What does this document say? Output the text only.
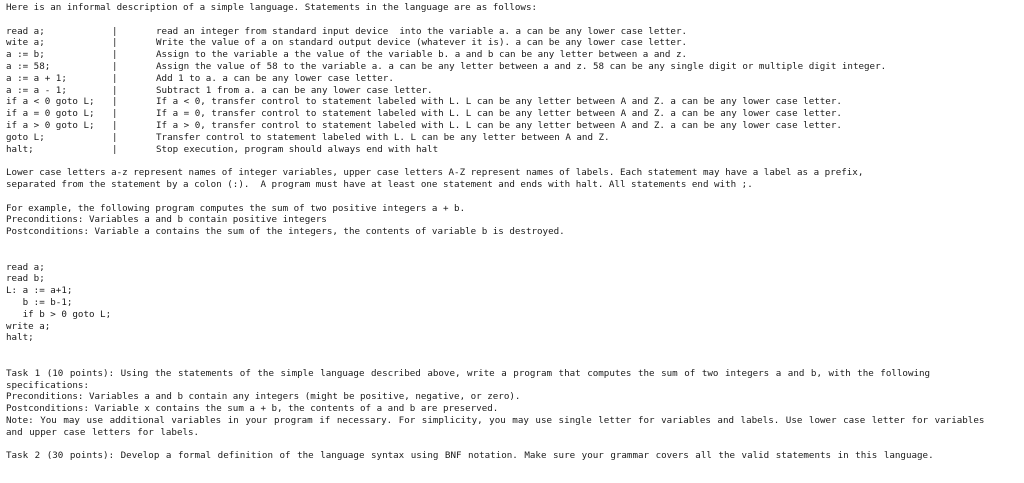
Here is an informal description of a simple language. Statements in the language are as follows:
read a;	|	read an integer from standard input device  into the variable a. a can be any lower case letter.
wite a;	|	Write the value of a on standard output device (whatever it is). a can be any lower case letter.
a := b;	|	Assign to the variable a the value of the variable b. a and b can be any letter between a and z.
a := 58;	|	Assign the value of 58 to the variable a. a can be any letter between a and z. 58 can be any single digit or multiple digit integer.
a := a + 1;	|	Add 1 to a. a can be any lower case letter.
a := a - 1;	|	Subtract 1 from a. a can be any lower case letter.
if a < 0 goto L;	|	If a < 0, transfer control to statement labeled with L. L can be any letter between A and Z. a can be any lower case letter.
if a = 0 goto L;	|	If a = 0, transfer control to statement labeled with L. L can be any letter between A and Z. a can be any lower case letter.
if a > 0 goto L;	|	If a > 0, transfer control to statement labeled with L. L can be any letter between A and Z. a can be any lower case letter.
goto L;	|	Transfer control to statement labeled with L. L can be any letter between A and Z.
halt;	|	Stop execution, program should always end with halt
Lower case letters a-z represent names of integer variables, upper case letters A-Z represent names of labels. Each statement may have a label as a prefix,
separated from the statement by a colon (:).  A program must have at least one statement and ends with halt. All statements end with ;.
For example, the following program computes the sum of two positive integers a + b.
Preconditions: Variables a and b contain positive integers
Postconditions: Variable a contains the sum of the integers, the contents of variable b is destroyed.
read a;
read b;
L: a := a+1;
b := b-1;
if b > 0 goto L;
write a;
halt;
Task 1 (10 points): Using the statements of the simple language described above, write a program that computes the sum of two integers a and b, with the following specifications:
Preconditions: Variables a and b contain any integers (might be positive, negative, or zero).
Postconditions: Variable x contains the sum a + b, the contents of a and b are preserved.
Note: You may use additional variables in your program if necessary. For simplicity, you may use single letter for variables and labels. Use lower case letter for variables and upper case letters for labels.
Task 2 (30 points): Develop a formal definition of the language syntax using BNF notation. Make sure your grammar covers all the valid statements in this language.
